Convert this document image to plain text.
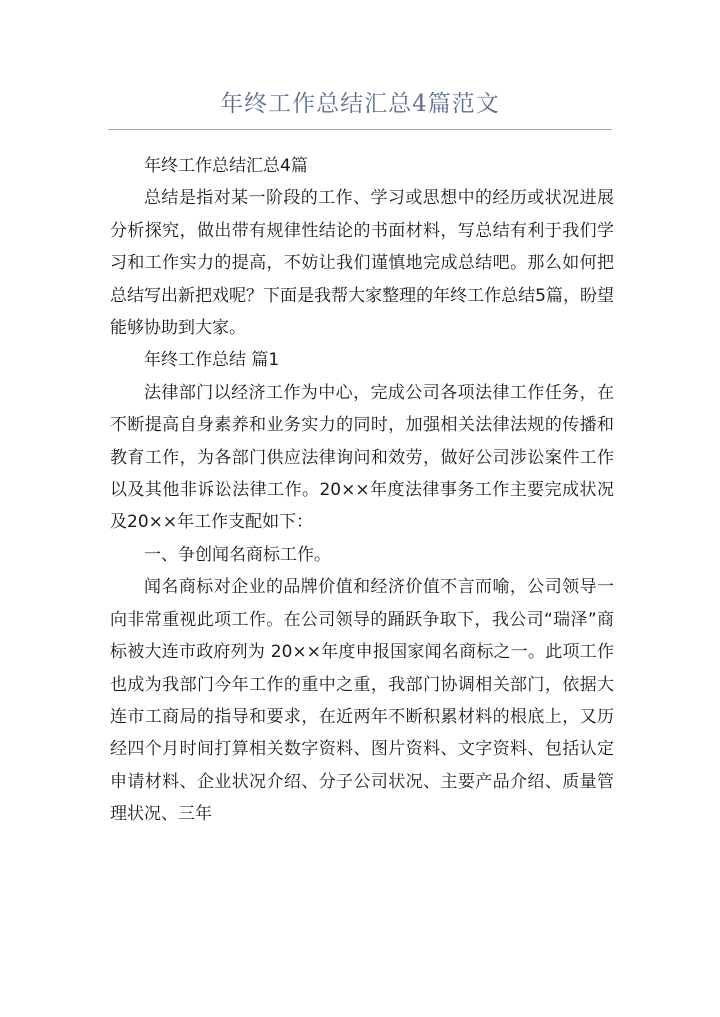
年终工作总结汇总4篇范文

年终工作总结汇总4篇

总结是指对某一阶段的工作、学习或思想中的经历或状况进展分析探究，做出带有规律性结论的书面材料，写总结有利于我们学习和工作实力的提高，不妨让我们谨慎地完成总结吧。那么如何把总结写出新把戏呢？下面是我帮大家整理的年终工作总结5篇，盼望能够协助到大家。

年终工作总结 篇1

法律部门以经济工作为中心，完成公司各项法律工作任务，在不断提高自身素养和业务实力的同时，加强相关法律法规的传播和教育工作，为各部门供应法律询问和效劳，做好公司涉讼案件工作以及其他非诉讼法律工作。20××年度法律事务工作主要完成状况及20××年工作支配如下：

一、争创闻名商标工作。

闻名商标对企业的品牌价值和经济价值不言而喻，公司领导一向非常重视此项工作。在公司领导的踊跃争取下，我公司“瑞泽”商标被大连市政府列为 20××年度申报国家闻名商标之一。此项工作也成为我部门今年工作的重中之重，我部门协调相关部门，依据大连市工商局的指导和要求，在近两年不断积累材料的根底上，又历经四个月时间打算相关数字资料、图片资料、文字资料、包括认定申请材料、企业状况介绍、分子公司状况、主要产品介绍、质量管理状况、三年
